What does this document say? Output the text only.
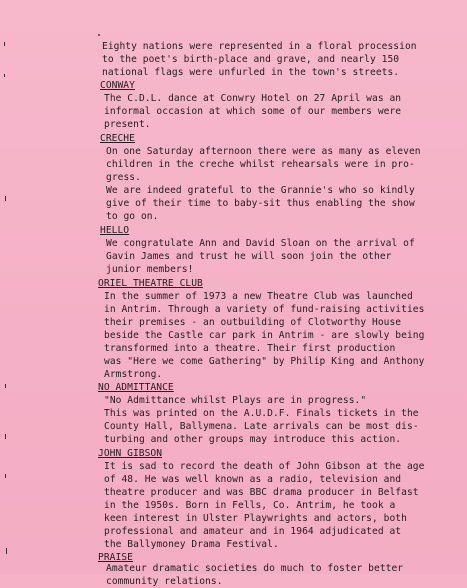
Eighty nations were represented in a floral procession
to the poet's birth-place and grave, and nearly 150
national flags were unfurled in the town's streets.
CONWAY
The C.D.L. dance at Conwry Hotel on 27 April was an
informal occasion at which some of our members were
present.
CRECHE
On one Saturday afternoon there were as many as eleven
children in the creche whilst rehearsals were in pro-
gress.
We are indeed grateful to the Grannie's who so kindly
give of their time to baby-sit thus enabling the show
to go on.
HELLO
We congratulate Ann and David Sloan on the arrival of
Gavin James and trust he will soon join the other
junior members!
ORIEL THEATRE CLUB
In the summer of 1973 a new Theatre Club was launched
in Antrim. Through a variety of fund-raising activities
their premises - an outbuilding of Clotworthy House
beside the Castle car park in Antrim - are slowly being
transformed into a theatre. Their first production
was "Here we come Gathering" by Philip King and Anthony
Armstrong.
NO ADMITTANCE
"No Admittance whilst Plays are in progress."
This was printed on the A.U.D.F. Finals tickets in the
County Hall, Ballymena. Late arrivals can be most dis-
turbing and other groups may introduce this action.
JOHN GIBSON
It is sad to record the death of John Gibson at the age
of 48. He was well known as a radio, television and
theatre producer and was BBC drama producer in Belfast
in the 1950s. Born in Fells, Co. Antrim, he took a
keen interest in Ulster Playwrights and actors, both
professional and amateur and in 1964 adjudicated at
the Ballymoney Drama Festival.
PRAISE
Amateur dramatic societies do much to foster better
community relations.
